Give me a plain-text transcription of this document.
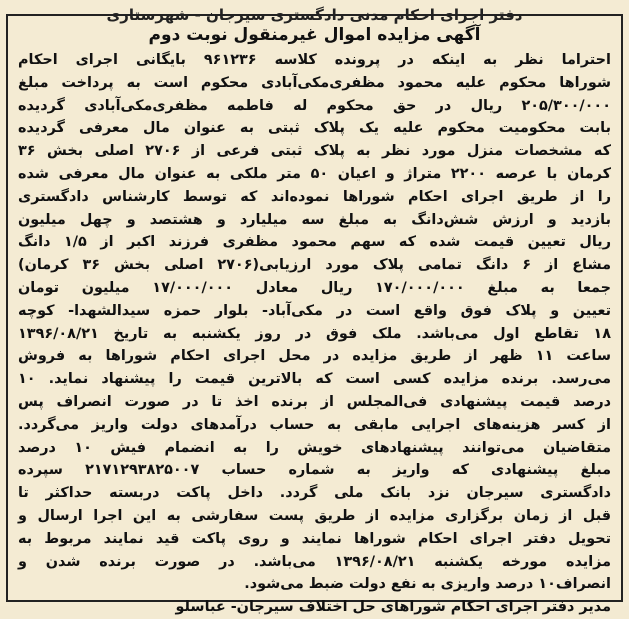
دفتر اجرای احکام مدنی دادگستری سیرجان - شهرستاری
آگهی مزایده اموال غیرمنقول نوبت دوم
احتراما نظر به اینکه در پرونده کلاسه ۹۶۱۲۳۶ بایگانی اجرای احکام
شوراها محکوم علیه محمود مظفری‌مکی‌آبادی محکوم است به پرداخت مبلغ
۲۰۵/۳۰۰/۰۰۰ ریال در حق محکوم له فاطمه مظفری‌مکی‌آبادی گردیده
بابت محکومیت محکوم علیه یک پلاک ثبتی به عنوان مال معرفی گردیده
که مشخصات منزل مورد نظر به پلاک ثبتی فرعی از ۲۷۰۶ اصلی بخش ۳۶
کرمان با عرصه ۲۲۰۰ متراژ و اعیان ۵۰ متر ملکی به عنوان مال معرفی شده
را از طریق اجرای احکام شوراها نموده‌اند که توسط کارشناس دادگستری
بازدید و ارزش شش‌دانگ به مبلغ سه میلیارد و هشتصد و چهل میلیون
ریال تعیین قیمت شده که سهم محمود مظفری فرزند اکبر از ۱/۵ دانگ
مشاع از ۶ دانگ تمامی پلاک مورد ارزیابی(۲۷۰۶ اصلی بخش ۳۶ کرمان)
جمعا به مبلغ ۱۷۰/۰۰۰/۰۰۰ ریال معادل ۱۷/۰۰۰/۰۰۰ میلیون تومان
تعیین و پلاک فوق واقع است در مکی‌آباد- بلوار حمزه سیدالشهدا- کوچه
۱۸ تقاطع اول می‌باشد. ملک فوق در روز یکشنبه به تاریخ ۱۳۹۶/۰۸/۲۱
ساعت ۱۱ ظهر از طریق مزایده در محل اجرای احکام شوراها به فروش
می‌رسد. برنده مزایده کسی است که بالاترین قیمت را پیشنهاد نماید. ۱۰
درصد قیمت پیشنهادی فی‌المجلس از برنده اخذ تا در صورت انصراف پس
از کسر هزینه‌های اجرایی مابقی به حساب درآمدهای دولت واریز می‌گردد.
متقاضیان می‌توانند پیشنهادهای خویش را به انضمام فیش ۱۰ درصد
مبلغ پیشنهادی که واریز به شماره حساب ۲۱۷۱۲۹۳۸۲۵۰۰۷ سپرده
دادگستری سیرجان نزد بانک ملی گردد. داخل پاکت دربسته حداکثر تا
قبل از زمان برگزاری مزایده از طریق پست سفارشی به این اجرا ارسال و
تحویل دفتر اجرای احکام شوراها نمایند و روی پاکت قید نمایند مربوط به
مزایده مورخه یکشنبه ۱۳۹۶/۰۸/۲۱ می‌باشد. در صورت برنده شدن و
انصراف۱۰ درصد واریزی به نفع دولت ضبط می‌شود.
مدیر دفتر اجرای احکام شوراهای حل اختلاف سیرجان- عباسلو
